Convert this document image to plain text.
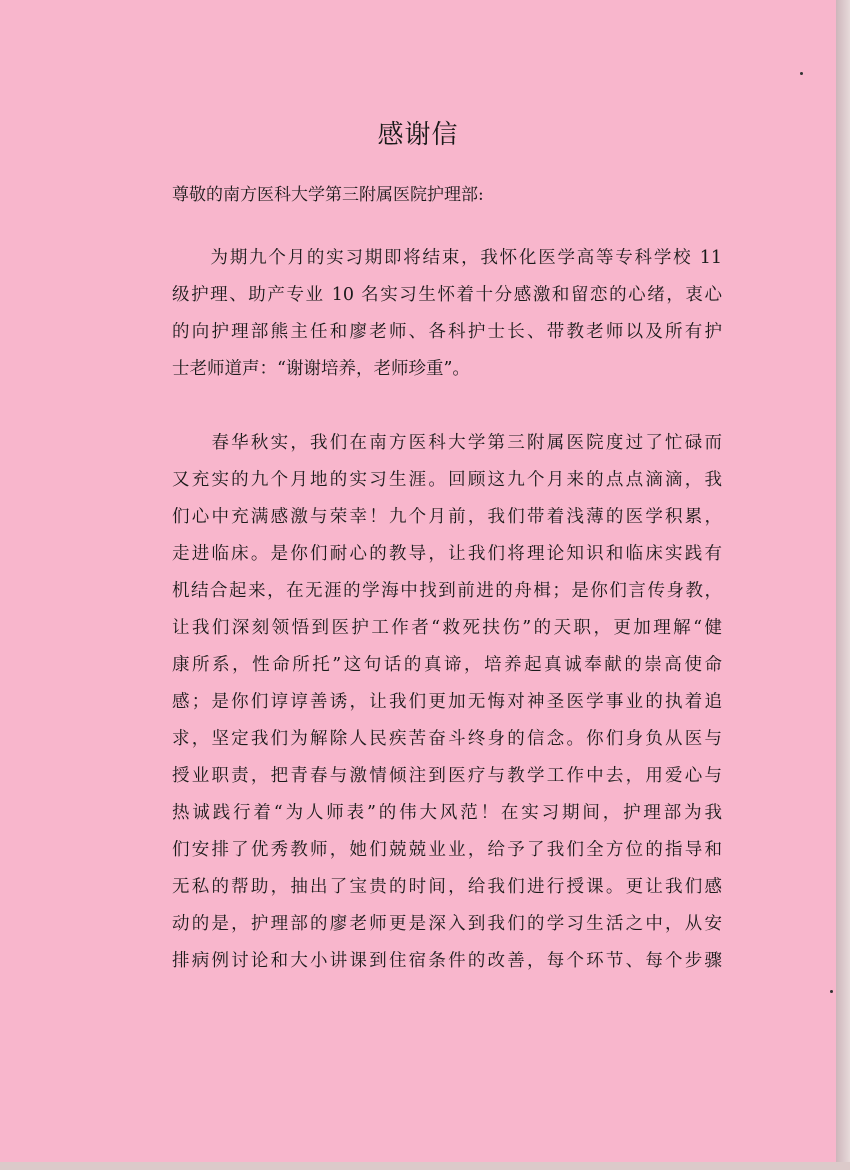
感谢信
尊敬的南方医科大学第三附属医院护理部:
　　为期九个月的实习期即将结束，我怀化医学高等专科学校 11
级护理、助产专业 10 名实习生怀着十分感激和留恋的心绪，衷心
的向护理部熊主任和廖老师、各科护士长、带教老师以及所有护
士老师道声：“谢谢培养，老师珍重”。
　　春华秋实，我们在南方医科大学第三附属医院度过了忙碌而
又充实的九个月地的实习生涯。回顾这九个月来的点点滴滴，我
们心中充满感激与荣幸！九个月前，我们带着浅薄的医学积累，
走进临床。是你们耐心的教导，让我们将理论知识和临床实践有
机结合起来，在无涯的学海中找到前进的舟楫；是你们言传身教，
让我们深刻领悟到医护工作者“救死扶伤”的天职，更加理解“健
康所系，性命所托”这句话的真谛，培养起真诚奉献的崇高使命
感；是你们谆谆善诱，让我们更加无悔对神圣医学事业的执着追
求，坚定我们为解除人民疾苦奋斗终身的信念。你们身负从医与
授业职责，把青春与激情倾注到医疗与教学工作中去，用爱心与
热诚践行着“为人师表”的伟大风范！在实习期间，护理部为我
们安排了优秀教师，她们兢兢业业，给予了我们全方位的指导和
无私的帮助，抽出了宝贵的时间，给我们进行授课。更让我们感
动的是，护理部的廖老师更是深入到我们的学习生活之中，从安
排病例讨论和大小讲课到住宿条件的改善，每个环节、每个步骤
